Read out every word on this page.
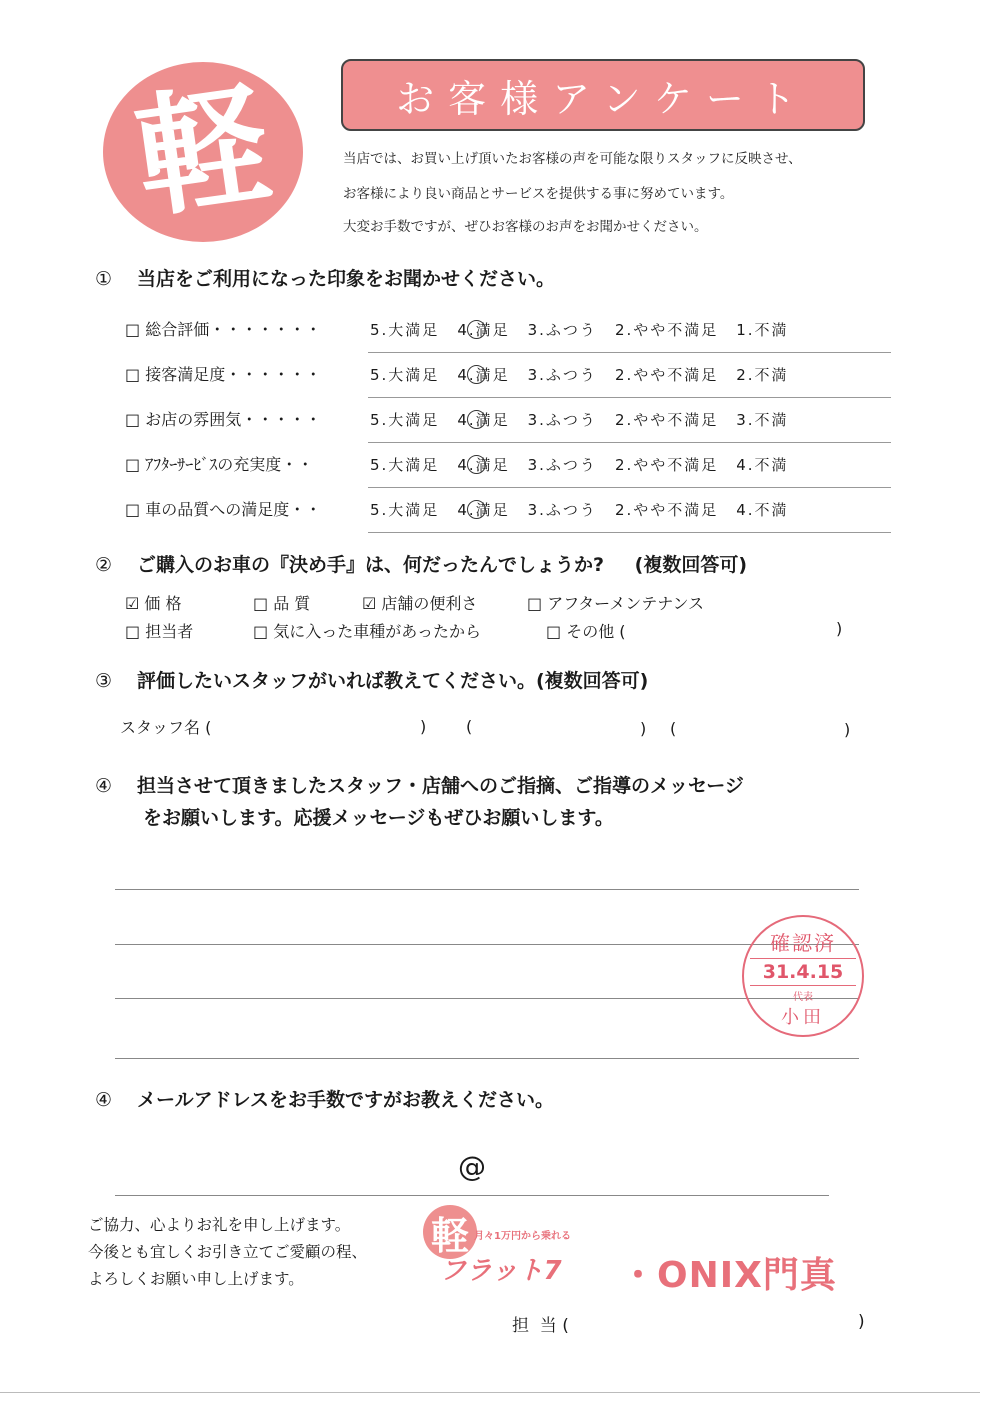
軽	お客様アンケート
当店では、お買い上げ頂いたお客様の声を可能な限りスタッフに反映させ、
お客様により良い商品とサービスを提供する事に努めています。
大変お手数ですが、ぜひお客様のお声をお聞かせください。
① 当店をご利用になった印象をお聞かせください。
□ 総合評価・・・・・・・	5.大満足 4.満足 3.ふつう 2.やや不満足 1.不満
□ 接客満足度・・・・・・	5.大満足 4.満足 3.ふつう 2.やや不満足 2.不満
□ お店の雰囲気・・・・・	5.大満足 4.満足 3.ふつう 2.やや不満足 3.不満
□ ｱﾌﾀｰｻｰﾋﾞｽの充実度・・	5.大満足 4.満足 3.ふつう 2.やや不満足 4.不満
□ 車の品質への満足度・・	5.大満足 4.満足 3.ふつう 2.やや不満足 4.不満
② ご購入のお車の『決め手』は、何だったんでしょうか? (複数回答可)
☑ 価 格	□ 品 質	☑ 店舗の便利さ	□ アフターメンテナンス
□ 担当者	□ 気に入った車種があったから	□ その他 (	)
③ 評価したいスタッフがいれば教えてください。(複数回答可)
スタッフ名 (	) (	) (	)
④ 担当させて頂きましたスタッフ・店舗へのご指摘、ご指導のメッセージ
をお願いします。応援メッセージもぜひお願いします。
確認済
31.4.15
代表
小田
④ メールアドレスをお手数ですがお教えください。
@
ご協力、心よりお礼を申し上げます。
今後とも宜しくお引き立てご愛顧の程、
よろしくお願い申し上げます。
軽 月々1万円から乗れる
フラット7 ・ONIX門真
担  当 (	)
